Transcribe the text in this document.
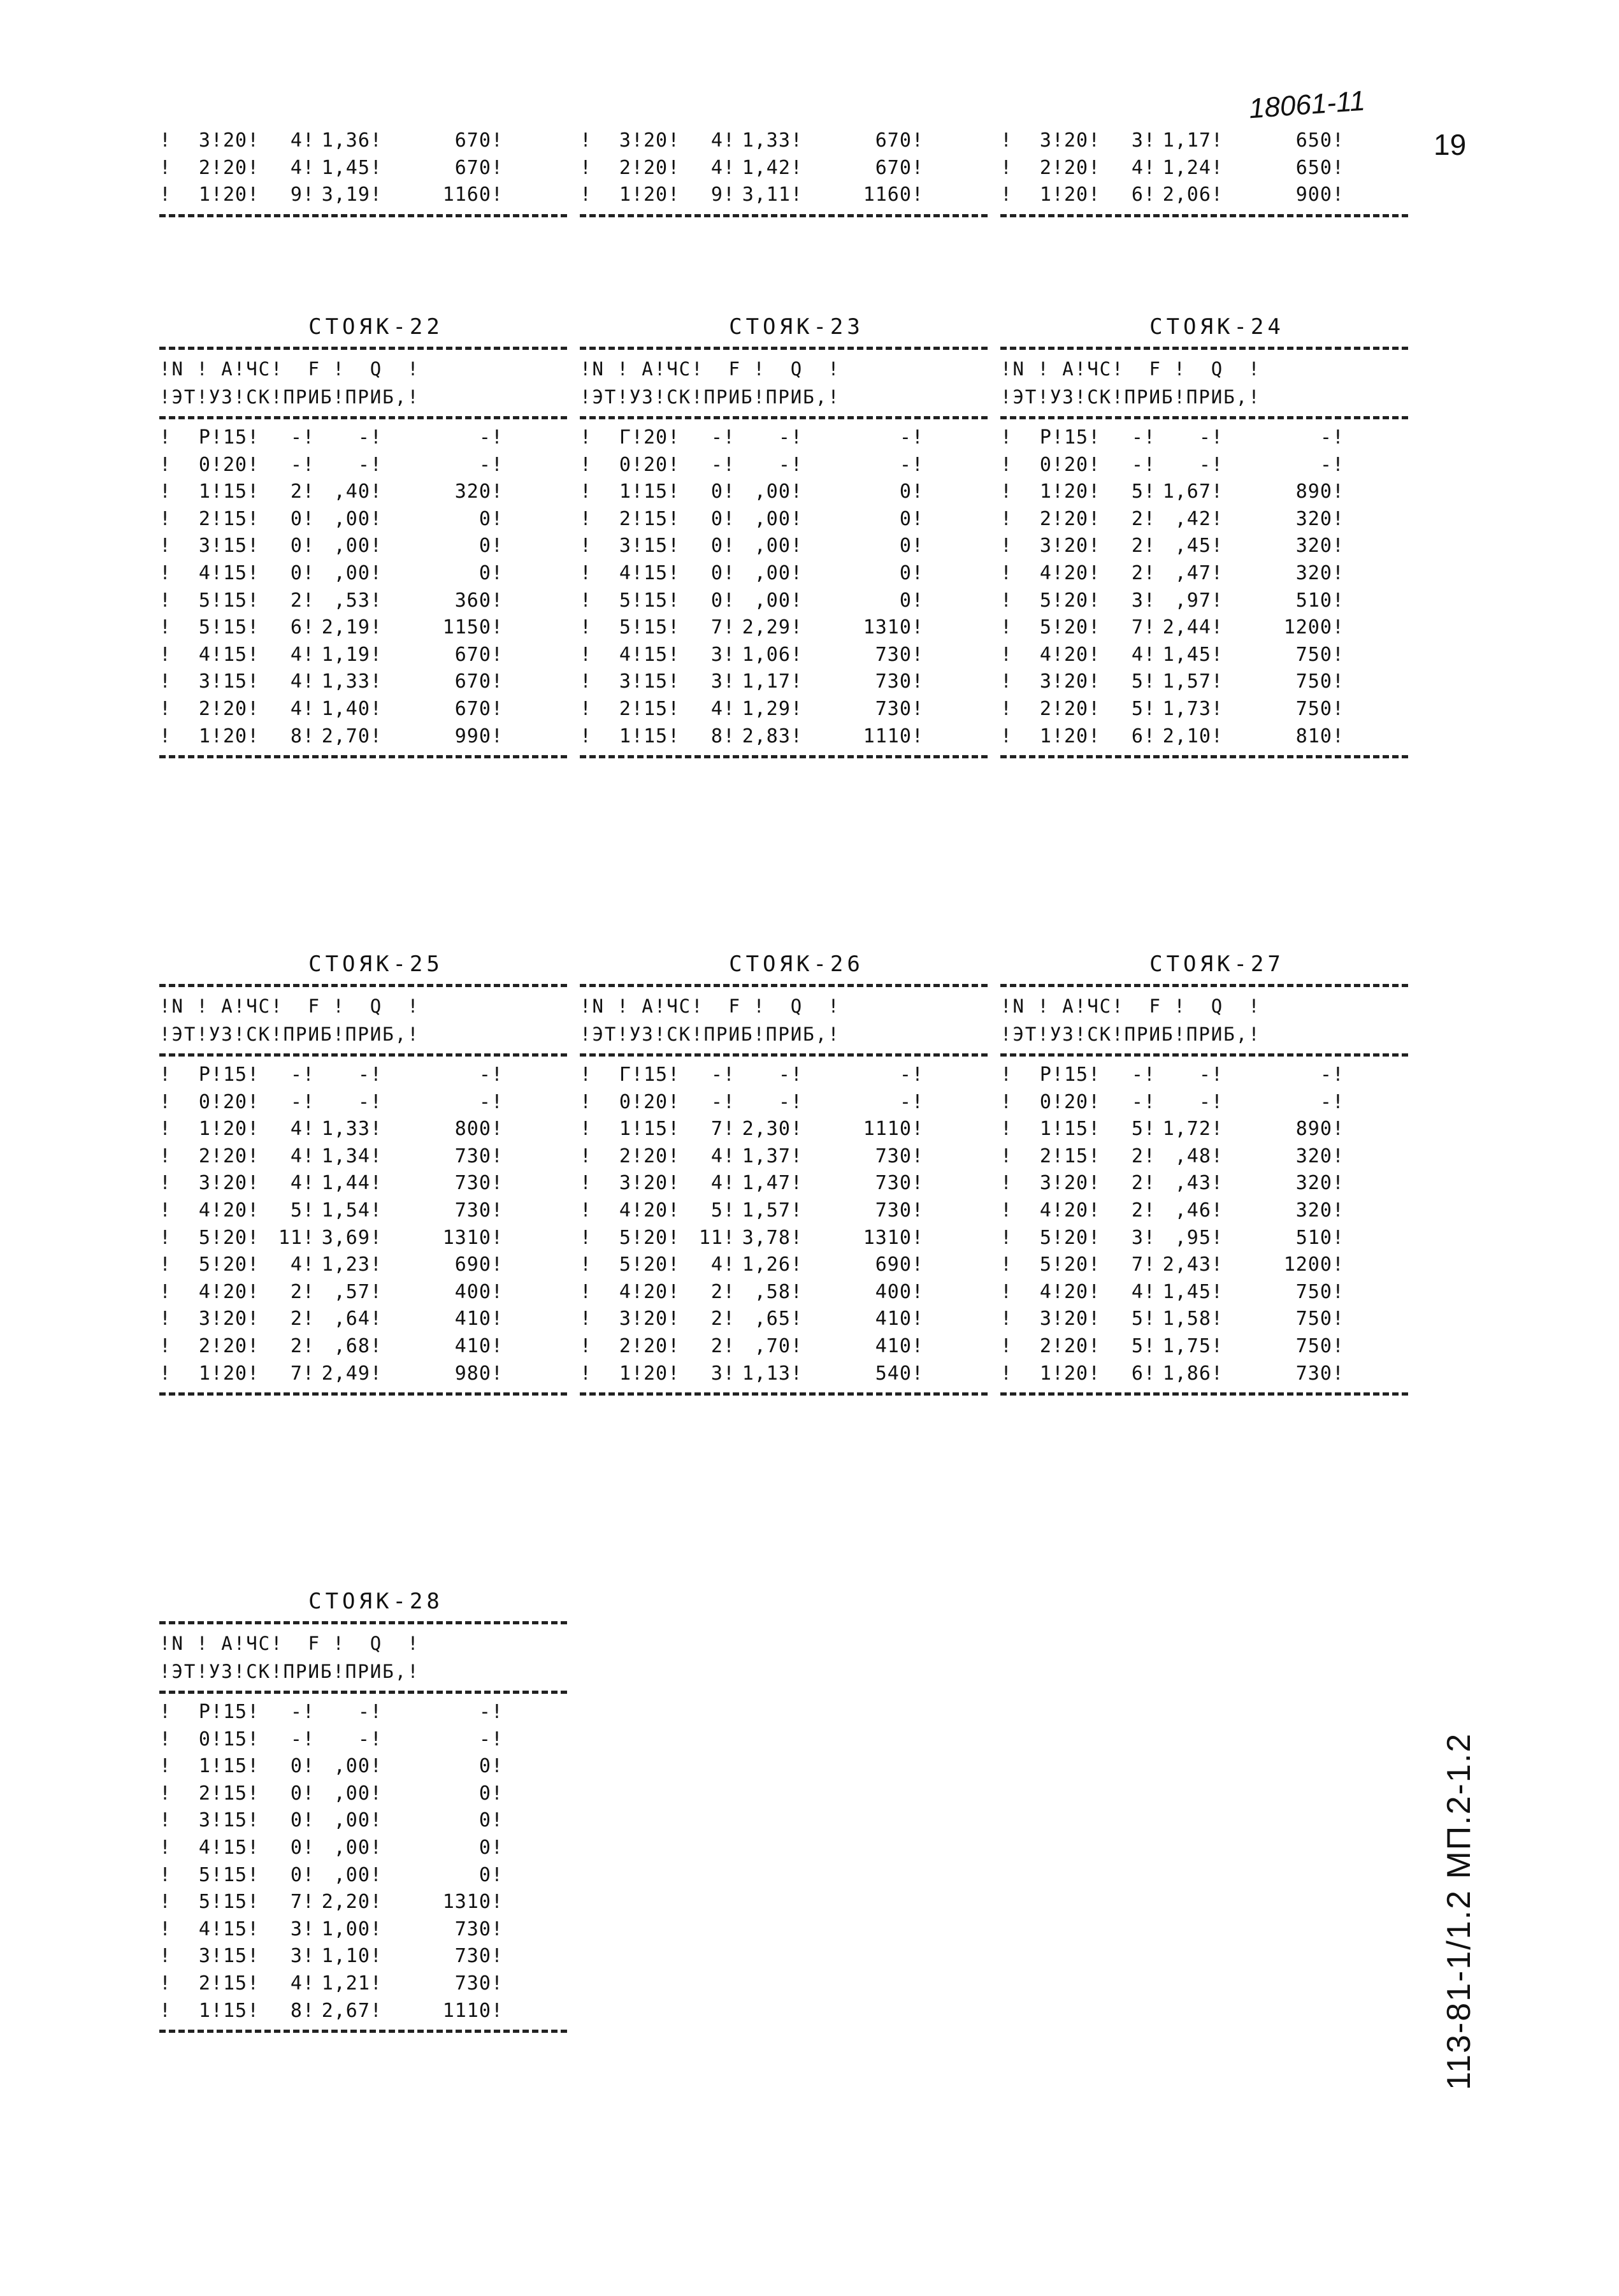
18061-11
19
113-81-1/1.2 МП.2-1.2
!	3! 20!	4! 1,36!	670!
!	2! 20!	4! 1,45!	670!
!	1! 20!	9! 3,19!	1160!
!	3! 20!	4! 1,33!	670!
!	2! 20!	4! 1,42!	670!
!	1! 20!	9! 3,11!	1160!
!	3! 20!	3! 1,17!	650!
!	2! 20!	4! 1,24!	650!
!	1! 20!	6! 2,06!	900!
СТОЯК-22
!N ! А!ЧС!  F !  Q  !
!ЭТ!УЗ!СК!ПРИБ!ПРИБ,!
!	Р! 15!	-!	-!	-!
!	0! 20!	-!	-!	-!
!	1! 15!	2! ,40!	320!
!	2! 15!	0! ,00!	0!
!	3! 15!	0! ,00!	0!
!	4! 15!	0! ,00!	0!
!	5! 15!	2! ,53!	360!
!	5! 15!	6! 2,19!	1150!
!	4! 15!	4! 1,19!	670!
!	3! 15!	4! 1,33!	670!
!	2! 20!	4! 1,40!	670!
!	1! 20!	8! 2,70!	990!
СТОЯК-23
!N ! А!ЧС!  F !  Q  !
!ЭТ!УЗ!СК!ПРИБ!ПРИБ,!
!	Г! 20!	-!	-!	-!
!	0! 20!	-!	-!	-!
!	1! 15!	0! ,00!	0!
!	2! 15!	0! ,00!	0!
!	3! 15!	0! ,00!	0!
!	4! 15!	0! ,00!	0!
!	5! 15!	0! ,00!	0!
!	5! 15!	7! 2,29!	1310!
!	4! 15!	3! 1,06!	730!
!	3! 15!	3! 1,17!	730!
!	2! 15!	4! 1,29!	730!
!	1! 15!	8! 2,83!	1110!
СТОЯК-24
!N ! А!ЧС!  F !  Q  !
!ЭТ!УЗ!СК!ПРИБ!ПРИБ,!
!	Р! 15!	-!	-!	-!
!	0! 20!	-!	-!	-!
!	1! 20!	5! 1,67!	890!
!	2! 20!	2! ,42!	320!
!	3! 20!	2! ,45!	320!
!	4! 20!	2! ,47!	320!
!	5! 20!	3! ,97!	510!
!	5! 20!	7! 2,44!	1200!
!	4! 20!	4! 1,45!	750!
!	3! 20!	5! 1,57!	750!
!	2! 20!	5! 1,73!	750!
!	1! 20!	6! 2,10!	810!
СТОЯК-25
!N ! А!ЧС!  F !  Q  !
!ЭТ!УЗ!СК!ПРИБ!ПРИБ,!
!	Р! 15!	-!	-!	-!
!	0! 20!	-!	-!	-!
!	1! 20!	4! 1,33!	800!
!	2! 20!	4! 1,34!	730!
!	3! 20!	4! 1,44!	730!
!	4! 20!	5! 1,54!	730!
!	5! 20! 11! 3,69!	1310!
!	5! 20!	4! 1,23!	690!
!	4! 20!	2! ,57!	400!
!	3! 20!	2! ,64!	410!
!	2! 20!	2! ,68!	410!
!	1! 20!	7! 2,49!	980!
СТОЯК-26
!N ! А!ЧС!  F !  Q  !
!ЭТ!УЗ!СК!ПРИБ!ПРИБ,!
!	Г! 15!	-!	-!	-!
!	0! 20!	-!	-!	-!
!	1! 15!	7! 2,30!	1110!
!	2! 20!	4! 1,37!	730!
!	3! 20!	4! 1,47!	730!
!	4! 20!	5! 1,57!	730!
!	5! 20! 11! 3,78!	1310!
!	5! 20!	4! 1,26!	690!
!	4! 20!	2! ,58!	400!
!	3! 20!	2! ,65!	410!
!	2! 20!	2! ,70!	410!
!	1! 20!	3! 1,13!	540!
СТОЯК-27
!N ! А!ЧС!  F !  Q  !
!ЭТ!УЗ!СК!ПРИБ!ПРИБ,!
!	Р! 15!	-!	-!	-!
!	0! 20!	-!	-!	-!
!	1! 15!	5! 1,72!	890!
!	2! 15!	2! ,48!	320!
!	3! 20!	2! ,43!	320!
!	4! 20!	2! ,46!	320!
!	5! 20!	3! ,95!	510!
!	5! 20!	7! 2,43!	1200!
!	4! 20!	4! 1,45!	750!
!	3! 20!	5! 1,58!	750!
!	2! 20!	5! 1,75!	750!
!	1! 20!	6! 1,86!	730!
СТОЯК-28
!N ! А!ЧС!  F !  Q  !
!ЭТ!УЗ!СК!ПРИБ!ПРИБ,!
!	Р! 15!	-!	-!	-!
!	0! 15!	-!	-!	-!
!	1! 15!	0! ,00!	0!
!	2! 15!	0! ,00!	0!
!	3! 15!	0! ,00!	0!
!	4! 15!	0! ,00!	0!
!	5! 15!	0! ,00!	0!
!	5! 15!	7! 2,20!	1310!
!	4! 15!	3! 1,00!	730!
!	3! 15!	3! 1,10!	730!
!	2! 15!	4! 1,21!	730!
!	1! 15!	8! 2,67!	1110!
